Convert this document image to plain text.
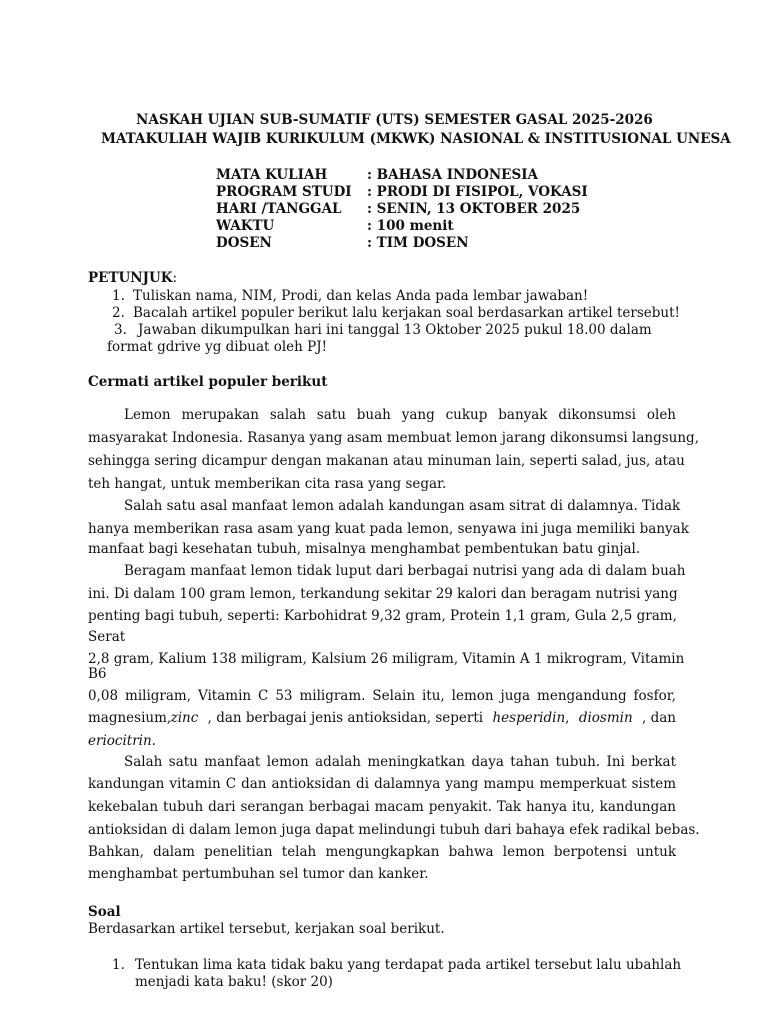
NASKAH UJIAN SUB-SUMATIF (UTS) SEMESTER GASAL 2025-2026
MATAKULIAH WAJIB KURIKULUM (MKWK) NASIONAL & INSTITUSIONAL UNESA
MATA KULIAH	: BAHASA INDONESIA
PROGRAM STUDI : PRODI DI FISIPOL, VOKASI
HARI /TANGGAL : SENIN, 13 OKTOBER 2025
WAKTU	: 100 menit
DOSEN	: TIM DOSEN
PETUNJUK:
1. Tuliskan nama, NIM, Prodi, dan kelas Anda pada lembar jawaban!
2. Bacalah artikel populer berikut lalu kerjakan soal berdasarkan artikel tersebut!
3. Jawaban dikumpulkan hari ini tanggal 13 Oktober 2025 pukul 18.00 dalam
format gdrive yg dibuat oleh PJ!
Cermati artikel populer berikut
Lemon merupakan salah satu buah yang cukup banyak dikonsumsi oleh
masyarakat Indonesia. Rasanya yang asam membuat lemon jarang dikonsumsi langsung,
sehingga sering dicampur dengan makanan atau minuman lain, seperti salad, jus, atau
teh hangat, untuk memberikan cita rasa yang segar.
Salah satu asal manfaat lemon adalah kandungan asam sitrat di dalamnya. Tidak
hanya memberikan rasa asam yang kuat pada lemon, senyawa ini juga memiliki banyak
manfaat bagi kesehatan tubuh, misalnya menghambat pembentukan batu ginjal.
Beragam manfaat lemon tidak luput dari berbagai nutrisi yang ada di dalam buah
ini. Di dalam 100 gram lemon, terkandung sekitar 29 kalori dan beragam nutrisi yang
penting bagi tubuh, seperti: Karbohidrat 9,32 gram, Protein 1,1 gram, Gula 2,5 gram,
Serat
2,8 gram, Kalium 138 miligram, Kalsium 26 miligram, Vitamin A 1 mikrogram, Vitamin
B6
0,08 miligram, Vitamin C 53 miligram. Selain itu, lemon juga mengandung fosfor,
magnesium, zinc , dan berbagai jenis antioksidan, seperti hesperidin, diosmin , dan
eriocitrin.
Salah satu manfaat lemon adalah meningkatkan daya tahan tubuh. Ini berkat
kandungan vitamin C dan antioksidan di dalamnya yang mampu memperkuat sistem
kekebalan tubuh dari serangan berbagai macam penyakit. Tak hanya itu, kandungan
antioksidan di dalam lemon juga dapat melindungi tubuh dari bahaya efek radikal bebas.
Bahkan, dalam penelitian telah mengungkapkan bahwa lemon berpotensi untuk
menghambat pertumbuhan sel tumor dan kanker.
Soal
Berdasarkan artikel tersebut, kerjakan soal berikut.
1. Tentukan lima kata tidak baku yang terdapat pada artikel tersebut lalu ubahlah
menjadi kata baku! (skor 20)
